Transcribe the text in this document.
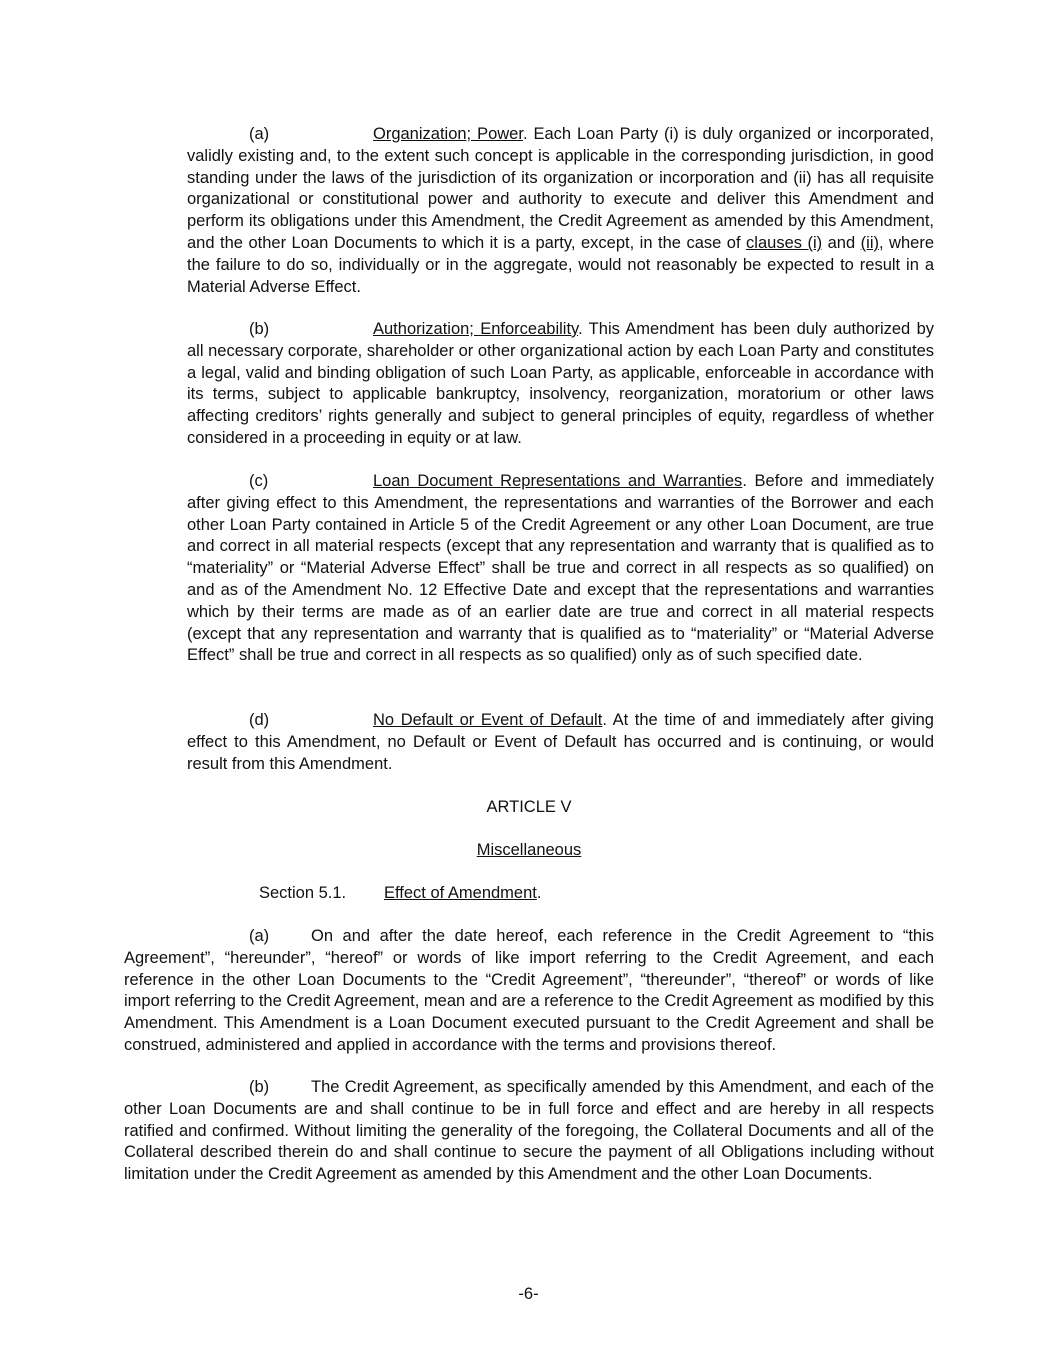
(a)	Organization; Power. Each Loan Party (i) is duly organized or incorporated, validly existing and, to the extent such concept is applicable in the corresponding jurisdiction, in good standing under the laws of the jurisdiction of its organization or incorporation and (ii) has all requisite organizational or constitutional power and authority to execute and deliver this Amendment and perform its obligations under this Amendment, the Credit Agreement as amended by this Amendment, and the other Loan Documents to which it is a party, except, in the case of clauses (i) and (ii), where the failure to do so, individually or in the aggregate, would not reasonably be expected to result in a Material Adverse Effect.

(b)	Authorization; Enforceability. This Amendment has been duly authorized by all necessary corporate, shareholder or other organizational action by each Loan Party and constitutes a legal, valid and binding obligation of such Loan Party, as applicable, enforceable in accordance with its terms, subject to applicable bankruptcy, insolvency, reorganization, moratorium or other laws affecting creditors’ rights generally and subject to general principles of equity, regardless of whether considered in a proceeding in equity or at law.

(c)	Loan Document Representations and Warranties. Before and immediately after giving effect to this Amendment, the representations and warranties of the Borrower and each other Loan Party contained in Article 5 of the Credit Agreement or any other Loan Document, are true and correct in all material respects (except that any representation and warranty that is qualified as to “materiality” or “Material Adverse Effect” shall be true and correct in all respects as so qualified) on and as of the Amendment No. 12 Effective Date and except that the representations and warranties which by their terms are made as of an earlier date are true and correct in all material respects (except that any representation and warranty that is qualified as to “materiality” or “Material Adverse Effect” shall be true and correct in all respects as so qualified) only as of such specified date.

(d)	No Default or Event of Default. At the time of and immediately after giving effect to this Amendment, no Default or Event of Default has occurred and is continuing, or would result from this Amendment.

ARTICLE V
Miscellaneous
Section 5.1. Effect of Amendment.

(a)	On and after the date hereof, each reference in the Credit Agreement to “this Agreement”, “hereunder”, “hereof” or words of like import referring to the Credit Agreement, and each reference in the other Loan Documents to the “Credit Agreement”, “thereunder”, “thereof” or words of like import referring to the Credit Agreement, mean and are a reference to the Credit Agreement as modified by this Amendment. This Amendment is a Loan Document executed pursuant to the Credit Agreement and shall be construed, administered and applied in accordance with the terms and provisions thereof.

(b)	The Credit Agreement, as specifically amended by this Amendment, and each of the other Loan Documents are and shall continue to be in full force and effect and are hereby in all respects ratified and confirmed. Without limiting the generality of the foregoing, the Collateral Documents and all of the Collateral described therein do and shall continue to secure the payment of all Obligations including without limitation under the Credit Agreement as amended by this Amendment and the other Loan Documents.

-6-
